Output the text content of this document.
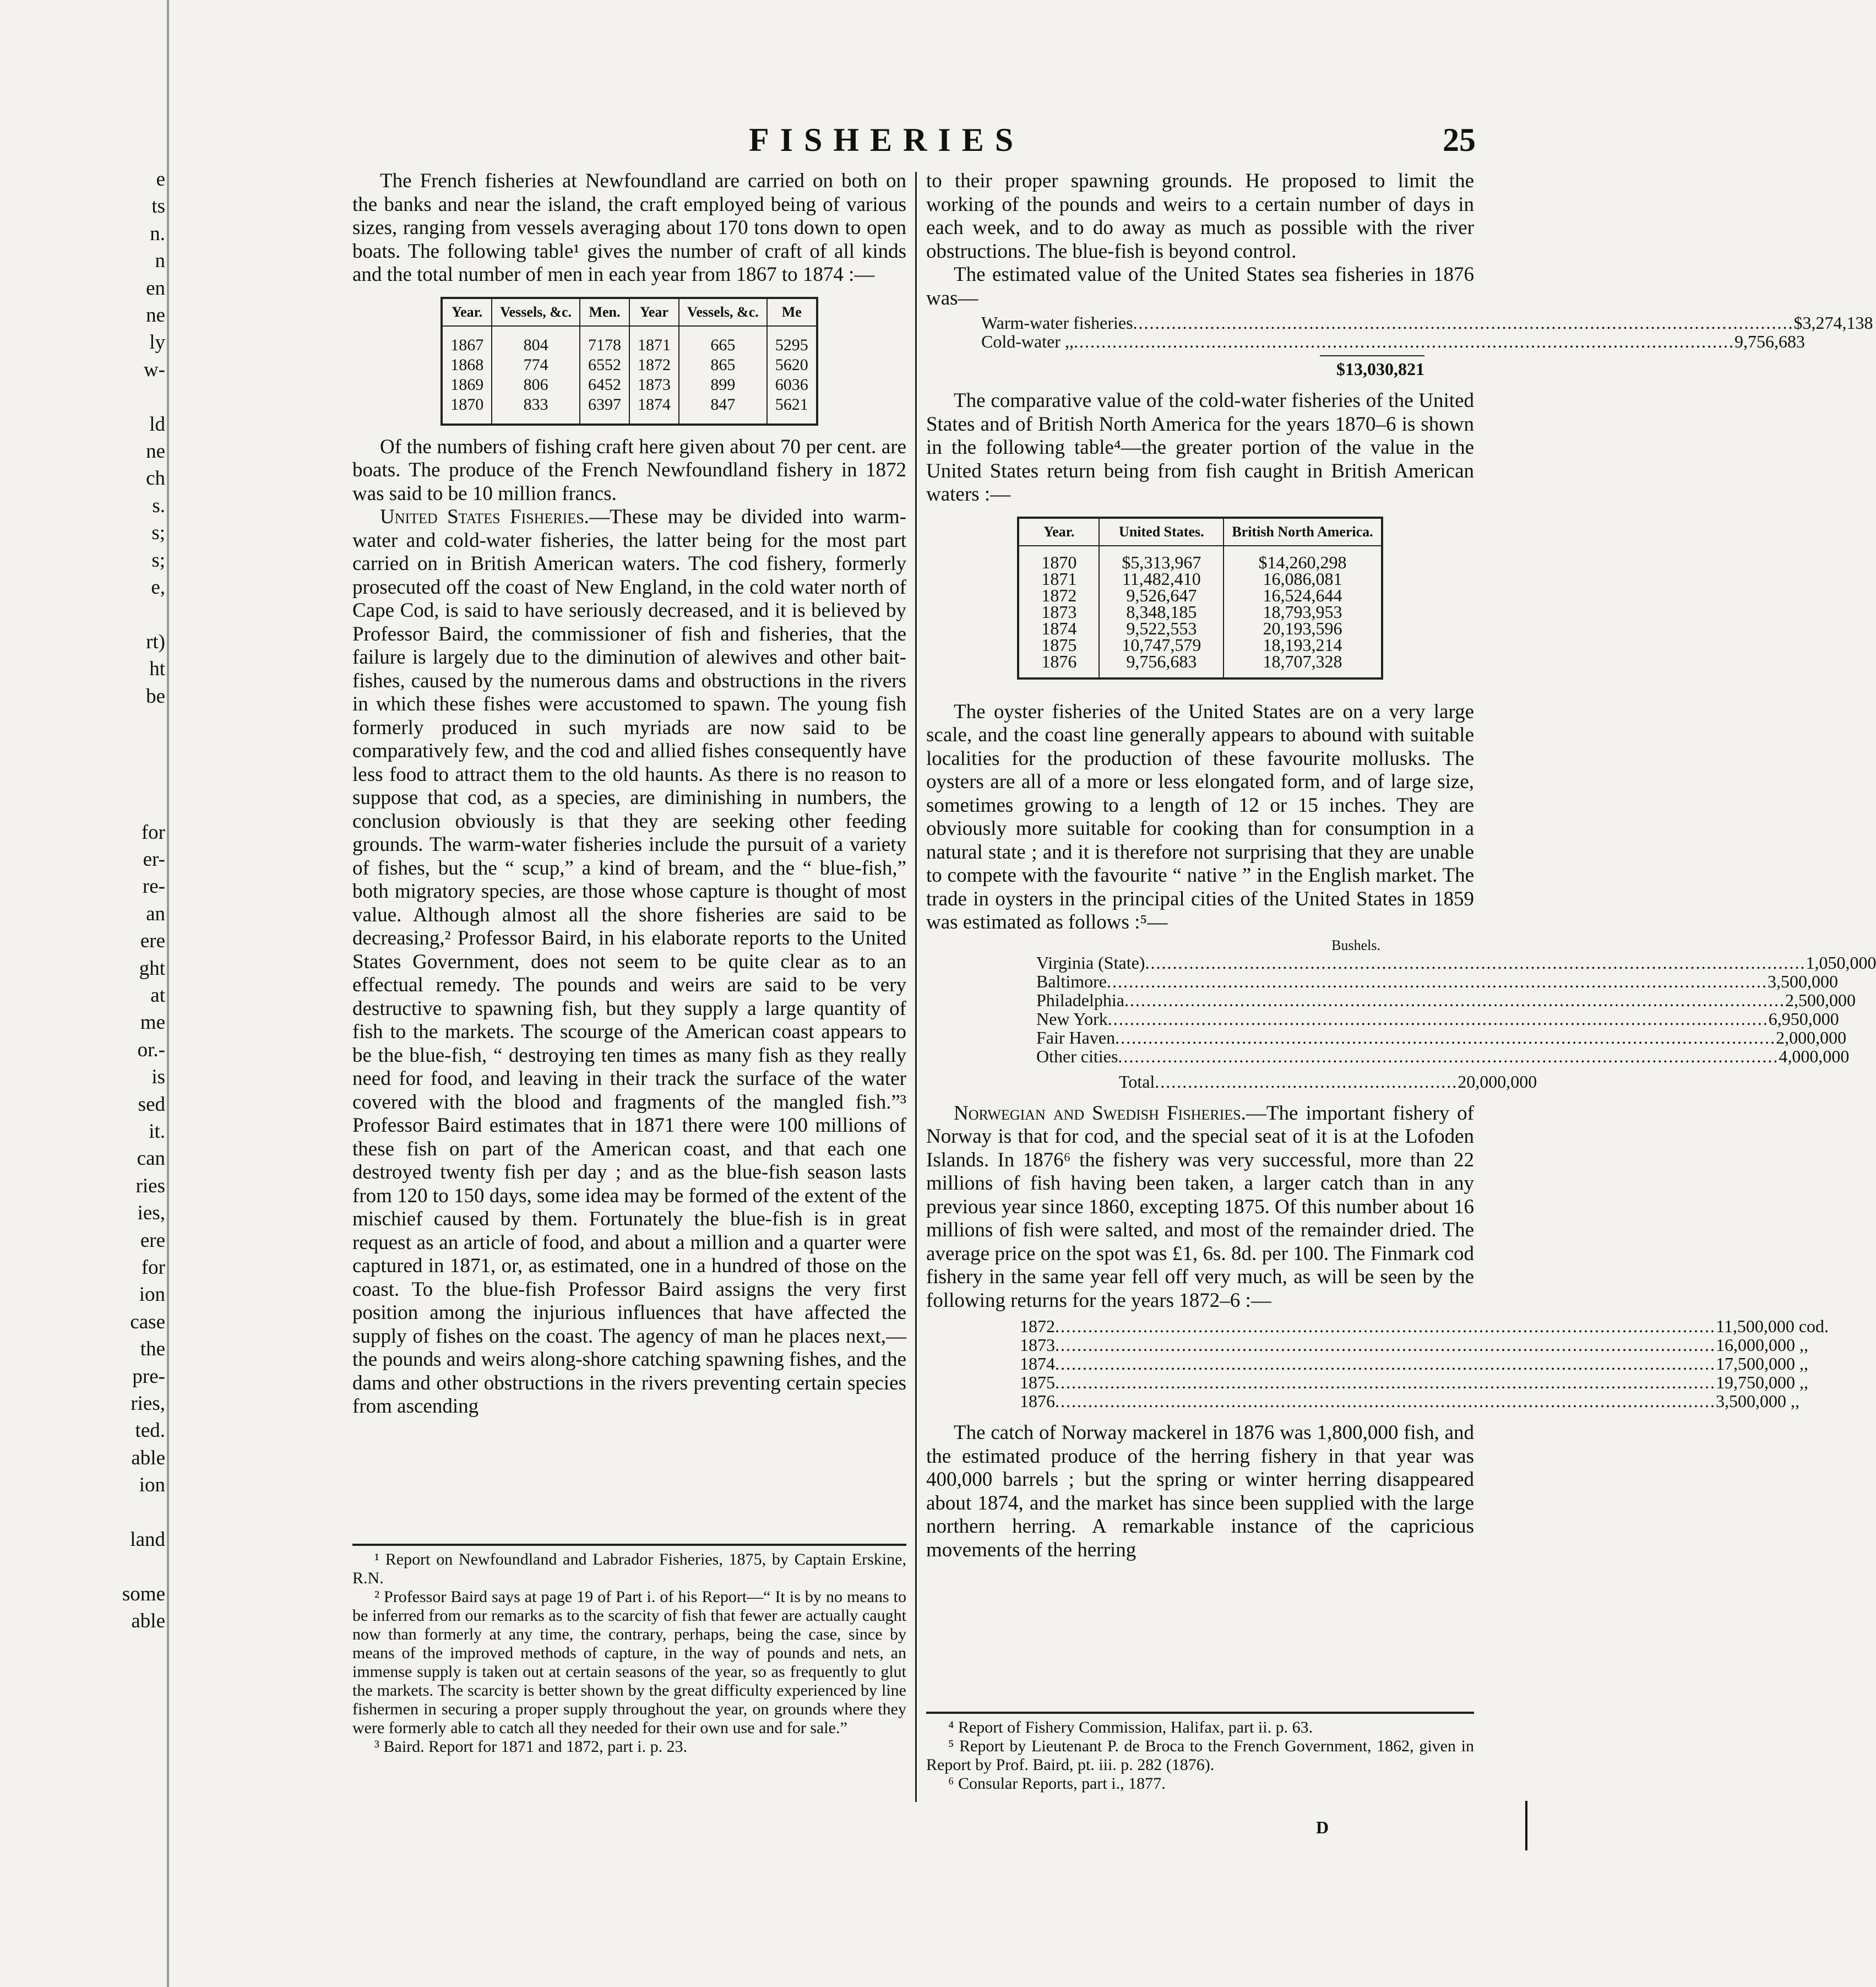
e
ts
n.
n
en
ne
ly
w-
ld
ne
ch
s.
s;
s;
e,
rt)
ht
be
for
er-
re-
an
ere
ght
at
me
or.-
is
sed
it.
can
ries
ies,
ere
for
ion
case
the
pre-
ries,
ted.
able
ion
land
some
able
FISHERIES	25

The French fisheries at Newfoundland are carried on both on the banks and near the island, the craft employed being of various sizes, ranging from vessels averaging about 170 tons down to open boats. The following table¹ gives the number of craft of all kinds and the total number of men in each year from 1867 to 1874 :—

Year.	Vessels, &c.	Men.	Year	Vessels, &c.	Me
1867	804	7178	1871	665	5295
1868	774	6552	1872	865	5620
1869	806	6452	1873	899	6036
1870	833	6397	1874	847	5621

Of the numbers of fishing craft here given about 70 per cent. are boats. The produce of the French Newfoundland fishery in 1872 was said to be 10 million francs.

United States Fisheries.—These may be divided into warm-water and cold-water fisheries, the latter being for the most part carried on in British American waters. The cod fishery, formerly prosecuted off the coast of New England, in the cold water north of Cape Cod, is said to have seriously decreased, and it is believed by Professor Baird, the commissioner of fish and fisheries, that the failure is largely due to the diminution of alewives and other bait-fishes, caused by the numerous dams and obstructions in the rivers in which these fishes were accustomed to spawn. The young fish formerly produced in such myriads are now said to be comparatively few, and the cod and allied fishes consequently have less food to attract them to the old haunts. As there is no reason to suppose that cod, as a species, are diminishing in numbers, the conclusion obviously is that they are seeking other feeding grounds. The warm-water fisheries include the pursuit of a variety of fishes, but the “ scup,” a kind of bream, and the “ blue-fish,” both migratory species, are those whose capture is thought of most value. Although almost all the shore fisheries are said to be decreasing,² Professor Baird, in his elaborate reports to the United States Government, does not seem to be quite clear as to an effectual remedy. The pounds and weirs are said to be very destructive to spawning fish, but they supply a large quantity of fish to the markets. The scourge of the American coast appears to be the blue-fish, “ destroying ten times as many fish as they really need for food, and leaving in their track the surface of the water covered with the blood and fragments of the mangled fish.”³ Professor Baird estimates that in 1871 there were 100 millions of these fish on part of the American coast, and that each one destroyed twenty fish per day ; and as the blue-fish season lasts from 120 to 150 days, some idea may be formed of the extent of the mischief caused by them. Fortunately the blue-fish is in great request as an article of food, and about a million and a quarter were captured in 1871, or, as estimated, one in a hundred of those on the coast. To the blue-fish Professor Baird assigns the very first position among the injurious influences that have affected the supply of fishes on the coast. The agency of man he places next,—the pounds and weirs along-shore catching spawning fishes, and the dams and other obstructions in the rivers preventing certain species from ascending

to their proper spawning grounds. He proposed to limit the working of the pounds and weirs to a certain number of days in each week, and to do away as much as possible with the river obstructions. The blue-fish is beyond control.

The estimated value of the United States sea fisheries in 1876 was—

Warm-water fisheries ........................................................................................................................ $3,274,138
Cold-water ,, ........................................................................................................................ 9,756,683
$13,030,821

The comparative value of the cold-water fisheries of the United States and of British North America for the years 1870–6 is shown in the following table⁴—the greater portion of the value in the United States return being from fish caught in British American waters :—

Year.	United States.	British North America.
1870	$5,313,967	$14,260,298
1871	11,482,410	16,086,081
1872	9,526,647	16,524,644
1873	8,348,185	18,793,953
1874	9,522,553	20,193,596
1875	10,747,579	18,193,214
1876	9,756,683	18,707,328

The oyster fisheries of the United States are on a very large scale, and the coast line generally appears to abound with suitable localities for the production of these favourite mollusks. The oysters are all of a more or less elongated form, and of large size, sometimes growing to a length of 12 or 15 inches. They are obviously more suitable for cooking than for consumption in a natural state ; and it is therefore not surprising that they are unable to compete with the favourite “ native ” in the English market. The trade in oysters in the principal cities of the United States in 1859 was estimated as follows :⁵—

Bushels.
Virginia (State) ........................................................................................................................ 1,050,000
Baltimore ........................................................................................................................ 3,500,000
Philadelphia ........................................................................................................................ 2,500,000
New York ........................................................................................................................ 6,950,000
Fair Haven ........................................................................................................................ 2,000,000
Other cities ........................................................................................................................ 4,000,000
Total ....................................................... 20,000,000

Norwegian and Swedish Fisheries.—The important fishery of Norway is that for cod, and the special seat of it is at the Lofoden Islands. In 1876⁶ the fishery was very successful, more than 22 millions of fish having been taken, a larger catch than in any previous year since 1860, excepting 1875. Of this number about 16 millions of fish were salted, and most of the remainder dried. The average price on the spot was £1, 6s. 8d. per 100. The Finmark cod fishery in the same year fell off very much, as will be seen by the following returns for the years 1872–6 :—

1872 ........................................................................................................................ 11,500,000 cod.
1873 ........................................................................................................................ 16,000,000 ,,
1874 ........................................................................................................................ 17,500,000 ,,
1875 ........................................................................................................................ 19,750,000 ,,
1876 ........................................................................................................................ 3,500,000 ,,

The catch of Norway mackerel in 1876 was 1,800,000 fish, and the estimated produce of the herring fishery in that year was 400,000 barrels ; but the spring or winter herring disappeared about 1874, and the market has since been supplied with the large northern herring. A remarkable instance of the capricious movements of the herring

¹ Report on Newfoundland and Labrador Fisheries, 1875, by Captain Erskine, R.N.

² Professor Baird says at page 19 of Part i. of his Report—“ It is by no means to be inferred from our remarks as to the scarcity of fish that fewer are actually caught now than formerly at any time, the contrary, perhaps, being the case, since by means of the improved methods of capture, in the way of pounds and nets, an immense supply is taken out at certain seasons of the year, so as frequently to glut the markets. The scarcity is better shown by the great difficulty experienced by line fishermen in securing a proper supply throughout the year, on grounds where they were formerly able to catch all they needed for their own use and for sale.”

³ Baird. Report for 1871 and 1872, part i. p. 23.

⁴ Report of Fishery Commission, Halifax, part ii. p. 63.

⁵ Report by Lieutenant P. de Broca to the French Government, 1862, given in Report by Prof. Baird, pt. iii. p. 282 (1876).

⁶ Consular Reports, part i., 1877.

D
